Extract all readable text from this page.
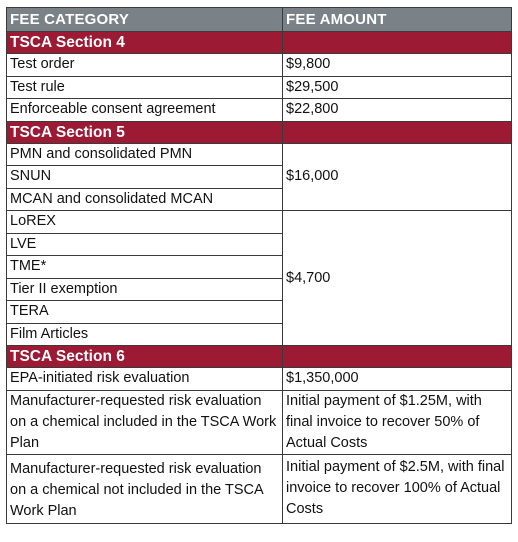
FEE CATEGORY	FEE AMOUNT
TSCA Section 4	
Test order	$9,800
Test rule	$29,500
Enforceable consent agreement	$22,800
TSCA Section 5	
PMN and consolidated PMN	$16,000
SNUN	
MCAN and consolidated MCAN	
LoREX	$4,700
LVE	
TME*	
Tier II exemption	
TERA	
Film Articles	
TSCA Section 6	
EPA-initiated risk evaluation	$1,350,000
Manufacturer-requested risk evaluation on a chemical included in the TSCA Work Plan	Initial payment of $1.25M, with final invoice to recover 50% of Actual Costs
Manufacturer-requested risk evaluation on a chemical not included in the TSCA Work Plan	Initial payment of $2.5M, with final invoice to recover 100% of Actual Costs
